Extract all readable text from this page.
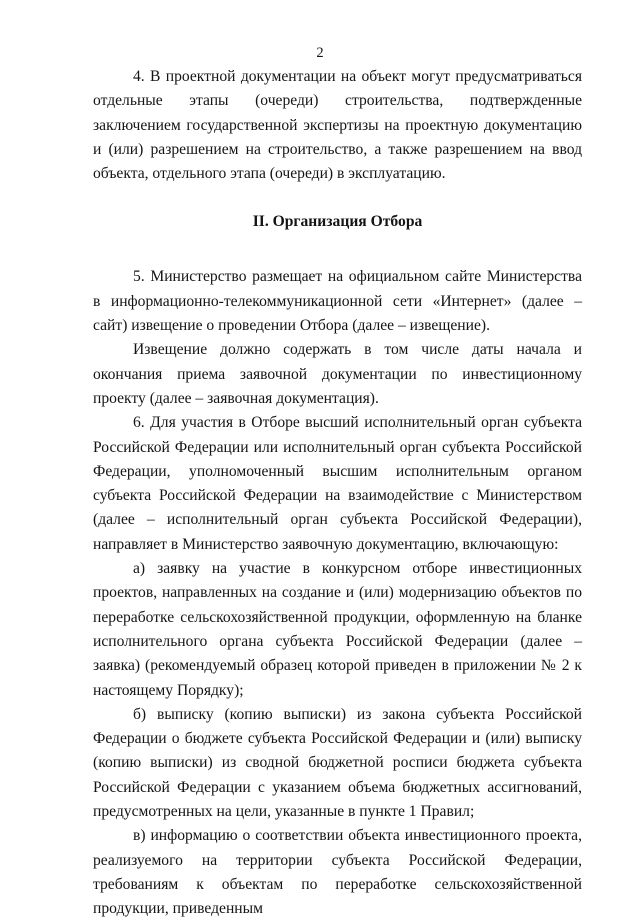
2

4. В проектной документации на объект могут предусматриваться отдельные этапы (очереди) строительства, подтвержденные заключением государственной экспертизы на проектную документацию и (или) разрешением на строительство, а также разрешением на ввод объекта, отдельного этапа (очереди) в эксплуатацию.

II. Организация Отбора

5. Министерство размещает на официальном сайте Министерства в информационно-телекоммуникационной сети «Интернет» (далее – сайт) извещение о проведении Отбора (далее – извещение).

Извещение должно содержать в том числе даты начала и окончания приема заявочной документации по инвестиционному проекту (далее – заявочная документация).

6. Для участия в Отборе высший исполнительный орган субъекта Российской Федерации или исполнительный орган субъекта Российской Федерации, уполномоченный высшим исполнительным органом субъекта Российской Федерации на взаимодействие с Министерством (далее – исполнительный орган субъекта Российской Федерации), направляет в Министерство заявочную документацию, включающую:

а) заявку на участие в конкурсном отборе инвестиционных проектов, направленных на создание и (или) модернизацию объектов по переработке сельскохозяйственной продукции, оформленную на бланке исполнительного органа субъекта Российской Федерации (далее – заявка) (рекомендуемый образец которой приведен в приложении № 2 к настоящему Порядку);

б) выписку (копию выписки) из закона субъекта Российской Федерации о бюджете субъекта Российской Федерации и (или) выписку (копию выписки) из сводной бюджетной росписи бюджета субъекта Российской Федерации с указанием объема бюджетных ассигнований, предусмотренных на цели, указанные в пункте 1 Правил;

в) информацию о соответствии объекта инвестиционного проекта, реализуемого на территории субъекта Российской Федерации, требованиям к объектам по переработке сельскохозяйственной продукции, приведенным
